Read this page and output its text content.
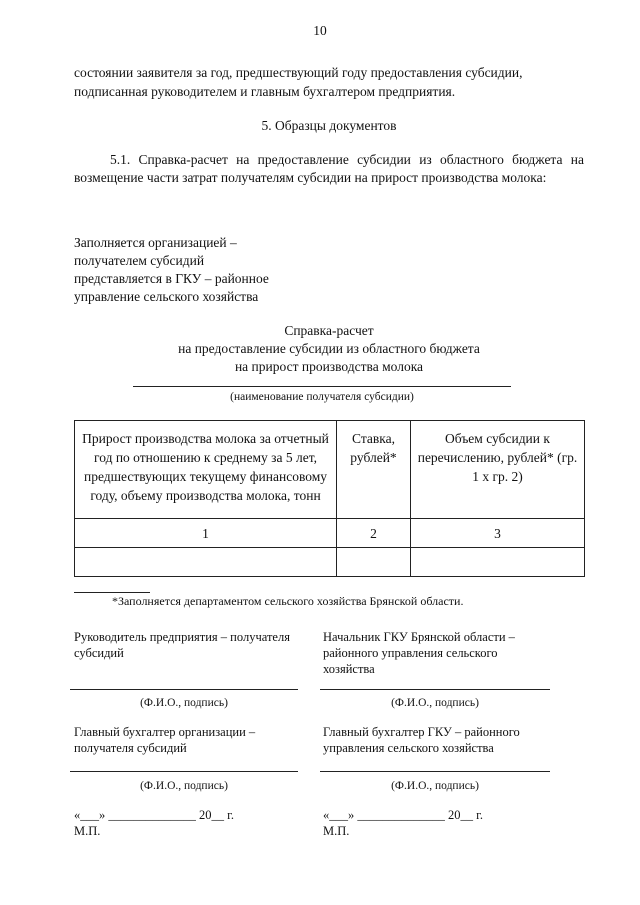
10
состоянии заявителя за год, предшествующий году предоставления субсидии,
подписанная руководителем и главным бухгалтером предприятия.
5. Образцы документов
5.1. Справка-расчет на предоставление субсидии из областного бюджета на возмещение части затрат получателям субсидии на прирост производства молока:
Заполняется организацией –
получателем субсидий
представляется в ГКУ – районное
управление сельского хозяйства
Справка-расчет
на предоставление субсидии из областного бюджета
на прирост производства молока
(наименование получателя субсидии)
Прирост производства молока за отчетный год по отношению к среднему за 5 лет, предшествующих текущему финансовому году, объему производства молока, тонн	Ставка, рублей*	Объем субсидии к перечислению, рублей* (гр. 1 х гр. 2)
1	2	3

*Заполняется департаментом сельского хозяйства Брянской области.
Руководитель предприятия – получателя
субсидий
Начальник ГКУ Брянской области –
районного управления сельского
хозяйства
(Ф.И.О., подпись)	(Ф.И.О., подпись)
Главный бухгалтер организации –
получателя субсидий
Главный бухгалтер ГКУ – районного
управления сельского хозяйства
(Ф.И.О., подпись)	(Ф.И.О., подпись)
«___» ______________ 20__ г.	«___» ______________ 20__ г.
М.П.	М.П.
